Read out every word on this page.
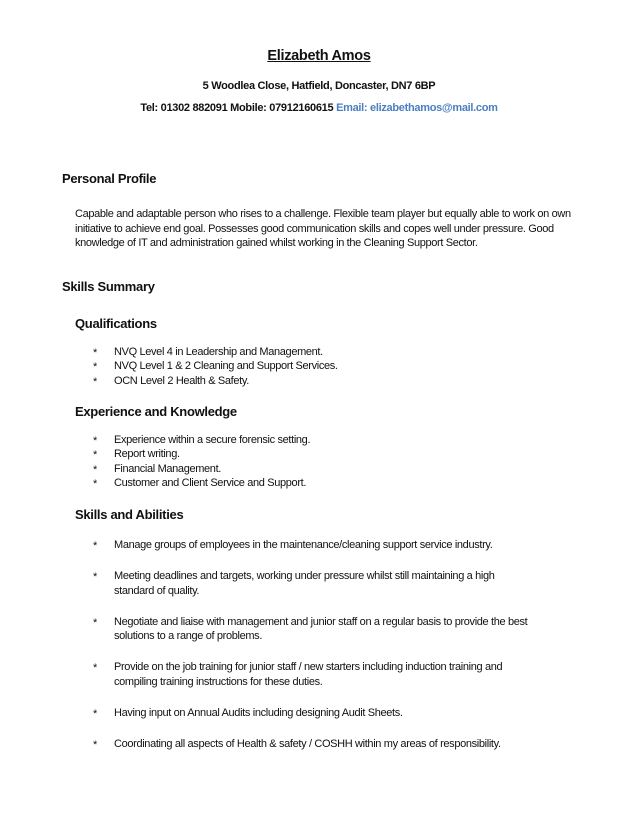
Elizabeth Amos
5 Woodlea Close, Hatfield, Doncaster, DN7 6BP
Tel: 01302 882091 Mobile: 07912160615 Email: elizabethamos@mail.com
Personal Profile
Capable and adaptable person who rises to a challenge. Flexible team player but equally able to work on own initiative to achieve end goal. Possesses good communication skills and copes well under pressure. Good knowledge of IT and administration gained whilst working in the Cleaning Support Sector.
Skills Summary
Qualifications
* NVQ Level 4 in Leadership and Management.
* NVQ Level 1 & 2 Cleaning and Support Services.
* OCN Level 2 Health & Safety.
Experience and Knowledge
* Experience within a secure forensic setting.
* Report writing.
* Financial Management.
* Customer and Client Service and Support.
Skills and Abilities
* Manage groups of employees in the maintenance/cleaning support service industry.
* Meeting deadlines and targets, working under pressure whilst still maintaining a high standard of quality.
* Negotiate and liaise with management and junior staff on a regular basis to provide the best solutions to a range of problems.
* Provide on the job training for junior staff / new starters including induction training and compiling training instructions for these duties.
* Having input on Annual Audits including designing Audit Sheets.
* Coordinating all aspects of Health & safety / COSHH within my areas of responsibility.
